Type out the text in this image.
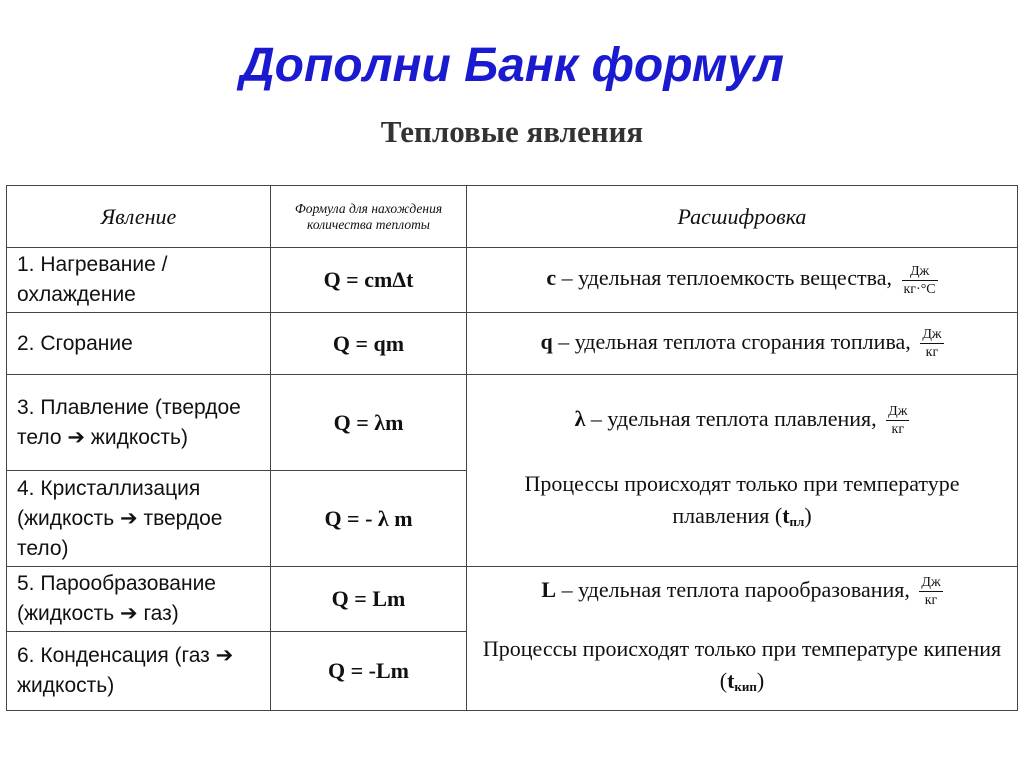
Дополни Банк формул
Тепловые явления
Явление	Формула для нахождения количества теплоты	Расшифровка
1. Нагревание / охлаждение	Q = cmΔt	c – удельная теплоемкость вещества, $\frac{Дж}{кг\cdot^\circ С}$

2. Сгорание	Q = qm	q – удельная теплота сгорания топлива, $\frac{Дж}{кг}$

3. Плавление (твердое тело ➔ жидкость)	Q = λm	λ – удельная теплота плавления, $\frac{Дж}{кг}$
Процессы происходят только при температуре плавления $(t_{пл})$
4. Кристаллизация (жидкость ➔ твердое тело)	Q = - λ m	
5. Парообразование (жидкость ➔ газ)	Q = Lm	L – удельная теплота парообразования, $\frac{Дж}{кг}$
Процессы происходят только при температуре кипения $(t_{кип})$
6. Конденсация (газ ➔ жидкость)	Q = -Lm	
